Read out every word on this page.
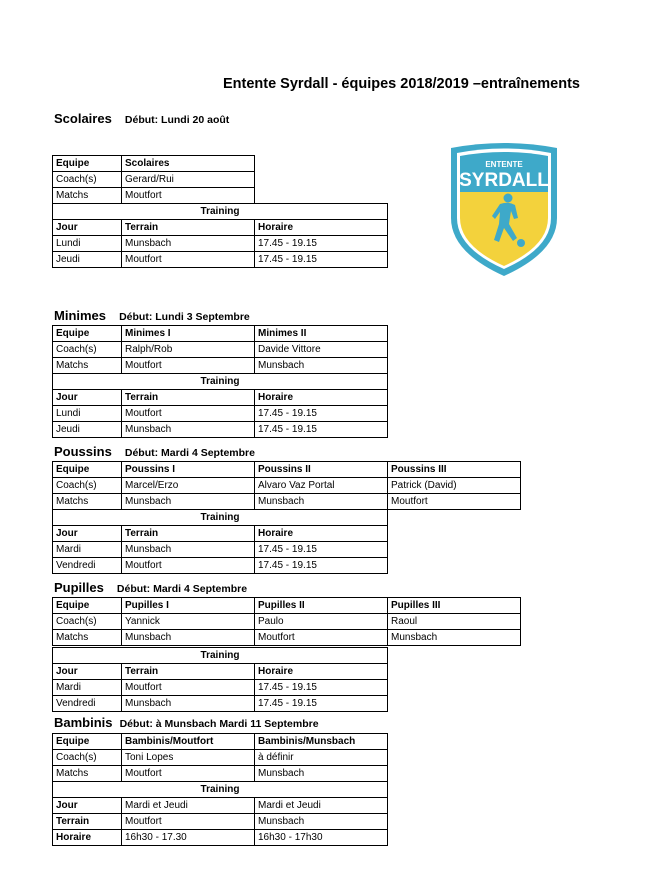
Entente Syrdall - équipes 2018/2019 –entraînements
Scolaires Début: Lundi 20 août
Equipe	Scolaires	
Coach(s)	Gerard/Rui	
Matchs	Moutfort	
Training		
Jour	Terrain	Horaire
Lundi	Munsbach	17.45 - 19.15
Jeudi	Moutfort	17.45 - 19.15
ENTENTE
SYRDALL
Minimes Début: Lundi 3 Septembre
Equipe	Minimes I	Minimes II
Coach(s)	Ralph/Rob	Davide Vittore
Matchs	Moutfort	Munsbach
Training		
Jour	Terrain	Horaire
Lundi	Moutfort	17.45 - 19.15
Jeudi	Munsbach	17.45 - 19.15
Poussins Début: Mardi 4 Septembre
Equipe	Poussins I	Poussins II	Poussins III
Coach(s)	Marcel/Erzo	Alvaro Vaz Portal	Patrick (David)
Matchs	Munsbach	Munsbach	Moutfort
Training			
Jour	Terrain	Horaire	
Mardi	Munsbach	17.45 - 19.15	
Vendredi	Moutfort	17.45 - 19.15	
Pupilles Début: Mardi 4 Septembre
Equipe	Pupilles I	Pupilles II	Pupilles III
Coach(s)	Yannick	Paulo	Raoul
Matchs	Munsbach	Moutfort	Munsbach

Training		
Jour	Terrain	Horaire
Mardi	Moutfort	17.45 - 19.15
Vendredi	Munsbach	17.45 - 19.15
Bambinis Début: à Munsbach Mardi 11 Septembre
Equipe	Bambinis/Moutfort	Bambinis/Munsbach
Coach(s)	Toni Lopes	à définir
Matchs	Moutfort	Munsbach
Training		
Jour	Mardi et Jeudi	Mardi et Jeudi
Terrain	Moutfort	Munsbach
Horaire	16h30 - 17.30	16h30 - 17h30
